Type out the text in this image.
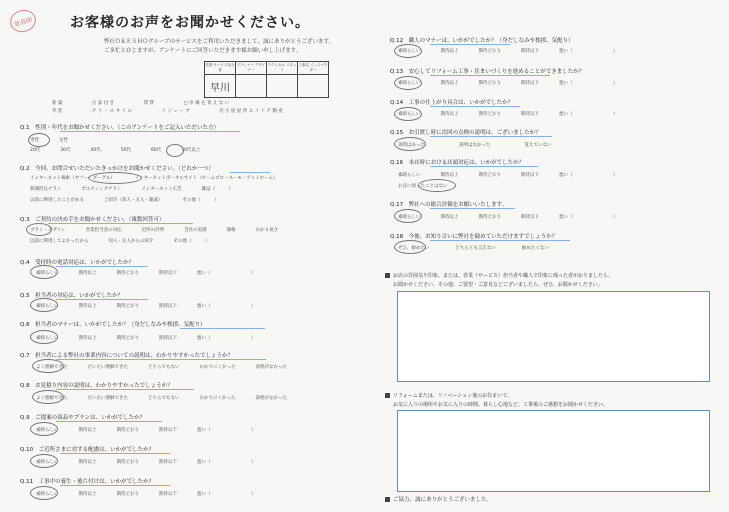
社長印	お客様のお声をお聞かせください。
弊社ＯＫＥＳＨＯグループのサービスをご利用いただきまして、誠にありがとうございます。
ご多忙と存じますが、アンケートにご回答いただきます様お願い申し上げます。
営業 サービス担当者	プランナー デザイナー	テクニカル スタッフ	工事店 インスペクター
早川			
新 築	古 家 付 き	賃 貸	□ 市 場 を 買 え な い
外 装	ア イ ・ ス タ イ ル	リ ジ ュ ー ブ	名 古 屋 屋 所 エ イ ト 不 動 産
Q.1　性別・年代をお聞かせください。（このアンケートをご記入いただいた方）
男性	女性
20代	30代	40代	50代	60代	70代以上
Q.2　今回、お問合せいただいたきっかけをお聞かせください。（どれか一つ）
インターネット検索（ヤフー・グーグル）	インターネットポータルサイト（ホームプロ・スーモ・アットホーム）
新聞折込チラシ	ポスティングチラシ	インターネット広告	雑誌（　　　）
以前に利用したことがある	ご紹介（知人・友人・親戚）	その他（　　　）
Q.3　ご契約の決め手をお聞かせください。（複数回答可）
プラン・デザイン	営業担当者の対応	近所の評判	会社の実績	価格	わかり易さ
以前に利用してよかったから	知人・友人からの紹介	その他（　　　）
Q.4　受付時の電話対応は、いかがでしたか？
素晴らしい	期待以上	期待どおり	期待以下	悪い（　　　　　　　　　）
Q.5　担当者の対応は、いかがでしたか？
素晴らしい	期待以上	期待どおり	期待以下	悪い（　　　　　　　　　）
Q.6　担当者のマナーは、いかがでしたか？（身だしなみや挨拶、気配り）
素晴らしい	期待以上	期待どおり	期待以下	悪い（　　　　　　　　　）
Q.7　担当者による弊社の事業内容についての説明は、わかりやすかったでしょうか？
よく理解できた	だいたい理解できた	どちらでもない	わかりにくかった	説明がなかった
Q.8　お見積り内容の説明は、わかりやすかったでしょうか？
よく理解できた	だいたい理解できた	どちらでもない	わかりにくかった	説明がなかった
Q.9　ご提案の商品やプランは、いかがでしたか？
素晴らしい	期待以上	期待どおり	期待以下	悪い（　　　　　　　　　）
Q.10　ご近所さまに対する配慮は、いかがでしたか？
素晴らしい	期待以上	期待どおり	期待以下	悪い（　　　　　　　　　）
Q.11　工事中の養生・後片付けは、いかがでしたか？
素晴らしい	期待以上	期待どおり	期待以下	悪い（　　　　　　　　　）
Q.12　職人のマナーは、いかがでしたか？（身だしなみや挨拶、気配り）
素晴らしい	期待以上	期待どおり	期待以下	悪い（　　　　　　　　　）
Q.13　安心してリフォーム工事・住まいづくりを進めることができましたか？
素晴らしい	期待以上	期待どおり	期待以下	悪い（　　　　　　　　　）
Q.14　工事の仕上がり具合は、いかがでしたか？
素晴らしい	期待以上	期待どおり	期待以下	悪い（　　　　　　　　　）
Q.15　お引渡し時に次回の点検の説明は、ございましたか？
説明はあった	説明はなかった	覚えていない
Q.16　本店時における店頭対応は、いかがでしたか？
素晴らしい	期待以上	期待どおり	期待以下	悪い（　　　　　　　　　）
お店に伺ったことはない
Q.17　弊社への総合評価をお願いいたします。
素晴らしい	期待以上	期待どおり	期待以下	悪い（　　　　　　　　　）
Q.18　今後、お知り合いに弊社を勧めていただけますでしょうか？
ぜひ、勧めたい	どちらとも言えない	勧めたくない
お店の雰囲気や印象、または、営業（サービス）担当者や職人で印象に残った者がおりましたら、
お聞かせください。その他、ご要望・ご意見などございましたら、ぜひ、お聞かせください。
リフォームまたは、リノベーション後のお住まいで、
お気に入りの場所やお気に入りの時間、暮らし心地など、工事後のご感想をお聞かせください。
ご協力、誠にありがとうございました。
